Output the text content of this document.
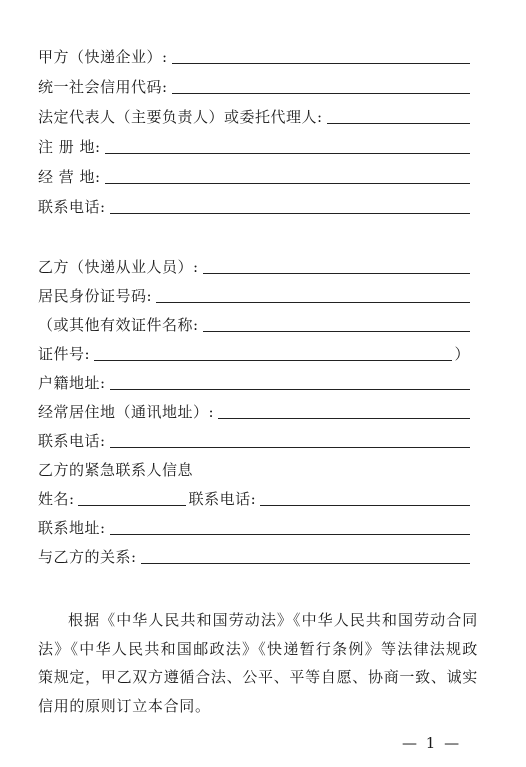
甲方（快递企业）:
统一社会信用代码:
法定代表人（主要负责人）或委托代理人:
注 册 地:
经 营 地:
联系电话:
乙方（快递从业人员）:
居民身份证号码:
（或其他有效证件名称:
证件号:	）
户籍地址:
经常居住地（通讯地址）:
联系电话:
乙方的紧急联系人信息
姓名:	联系电话:
联系地址:
与乙方的关系:
根据《中华人民共和国劳动法》《中华人民共和国劳动合同法》《中华人民共和国邮政法》《快递暂行条例》等法律法规政策规定，甲乙双方遵循合法、公平、平等自愿、协商一致、诚实信用的原则订立本合同。
— 1 —
